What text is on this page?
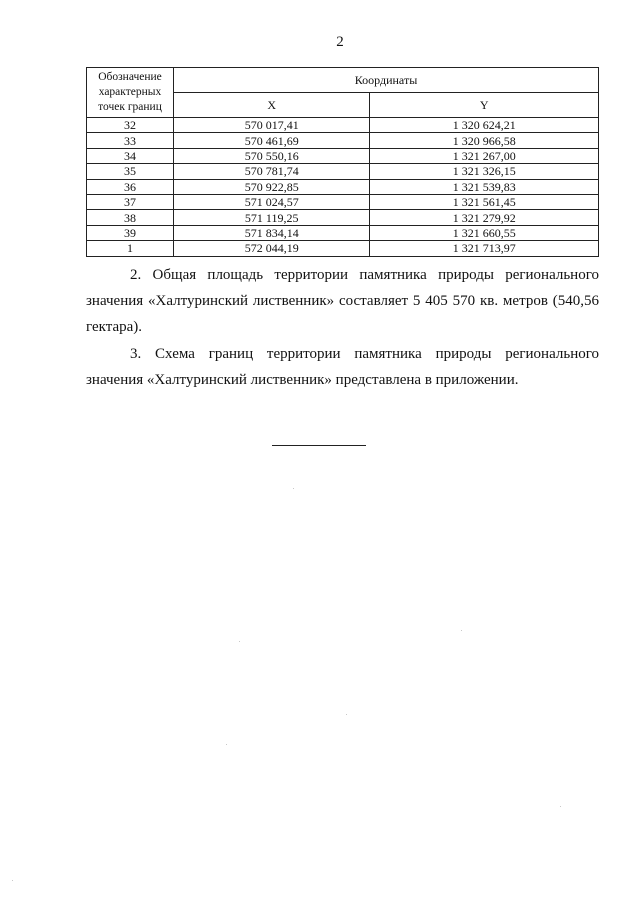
2
Обозначение характерных точек границ	Координаты	
	X	Y
32	570 017,41	1 320 624,21
33	570 461,69	1 320 966,58
34	570 550,16	1 321 267,00
35	570 781,74	1 321 326,15
36	570 922,85	1 321 539,83
37	571 024,57	1 321 561,45
38	571 119,25	1 321 279,92
39	571 834,14	1 321 660,55
1	572 044,19	1 321 713,97
2. Общая площадь территории памятника природы регионального значения «Халтуринский лиственник» составляет 5 405 570 кв. метров (540,56 гектара).
3. Схема границ территории памятника природы регионального значения «Халтуринский лиственник» представлена в приложении.
